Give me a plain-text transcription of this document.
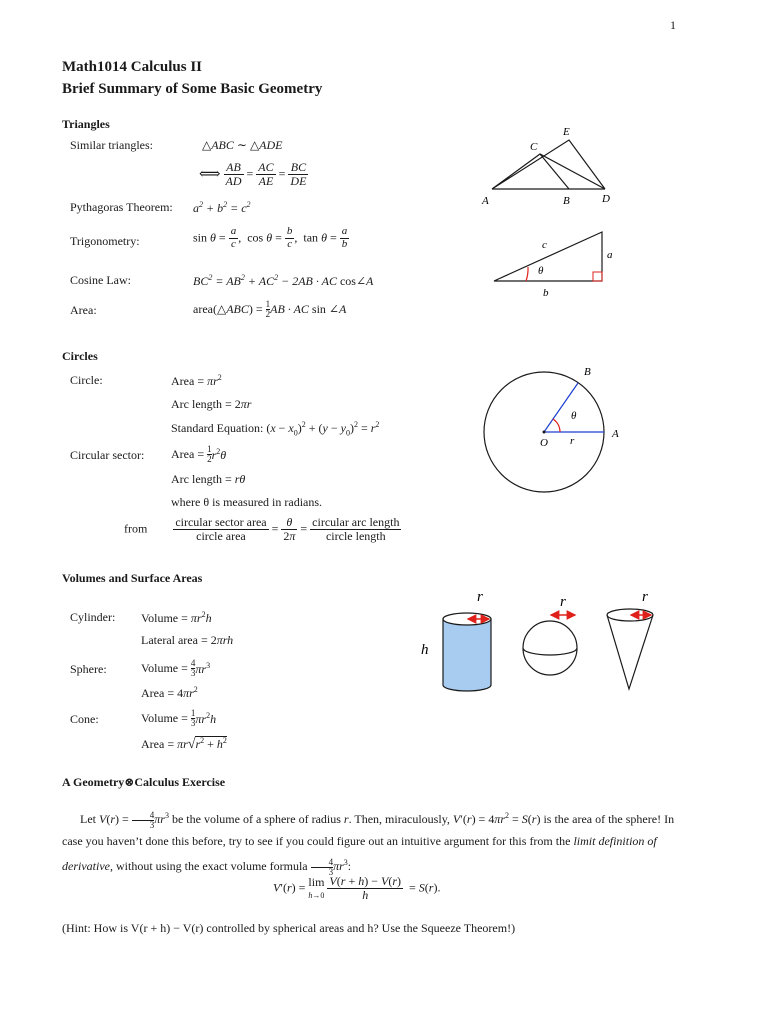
1
Math1014 Calculus II
Brief Summary of Some Basic Geometry
Triangles
Similar triangles:	△ABC ∼ △ADE
⟺ $\frac{AB}{AD} = \frac{AC}{AE} = \frac{BC}{DE}$
Pythagoras Theorem: $a^2 + b^2 = c^2$
Trigonometry:	$\sin \theta = \frac{a}{c}$ ,  $\cos \theta = \frac{b}{c}$ ,  $\tan \theta = \frac{a}{b}$
Cosine Law:	$BC^2 = AB^2 + AC^2 - 2AB$ · AC cos∠A
Area:	area(△ABC) = $\frac{1}{2}$ AB · AC sin ∠A
A	B	D
C
E
θ
c
a
b
Circles
Circle:	Area = $\pi r^2$
Arc length = 2πr
Standard Equation: $(x - x_0)^2 + (y - y_0)^2 = r^2$
Circular sector: Area = $\frac{1}{2} r^2\theta$
Arc length = rθ
where θ is measured in radians.
from $\frac{\text{circular sector area}}{\text{circle area}} = \frac{\theta}{2\pi} = \frac{\text{circular arc length}}{\text{circle length}}$
O r
A
B
θ
Volumes and Surface Areas
Cylinder: Volume = $\pi r^2h$
Lateral area = 2πrh
Sphere:	Volume = $\frac{4}{3} \pi r^3$
Area = $4\pi r^2$
Cone:	Volume = $\frac{1}{3} \pi r^2h$
Area = $\pi r√r^2 + h^2$
r
h
r	r
A Geometry⊗Calculus Exercise
Let $V(r) = \frac{4}{3} \pi r^3$ be the volume of a sphere of radius r. Then, miraculously, $V'(r) = 4\pi r^2 = S(r)$ is the area of the sphere! In case you haven’t done this before, try to see if you could figure out an intuitive argument for this from the limit definition of derivative, without using the exact volume formula $\frac{4}{3} \pi r^3$:
V′(r) = lim
$h\to 0 \frac{V(r + h) - V(r)}{h} = S(r)$.
(Hint: How is V(r + h) − V(r) controlled by spherical areas and h? Use the Squeeze Theorem!)
